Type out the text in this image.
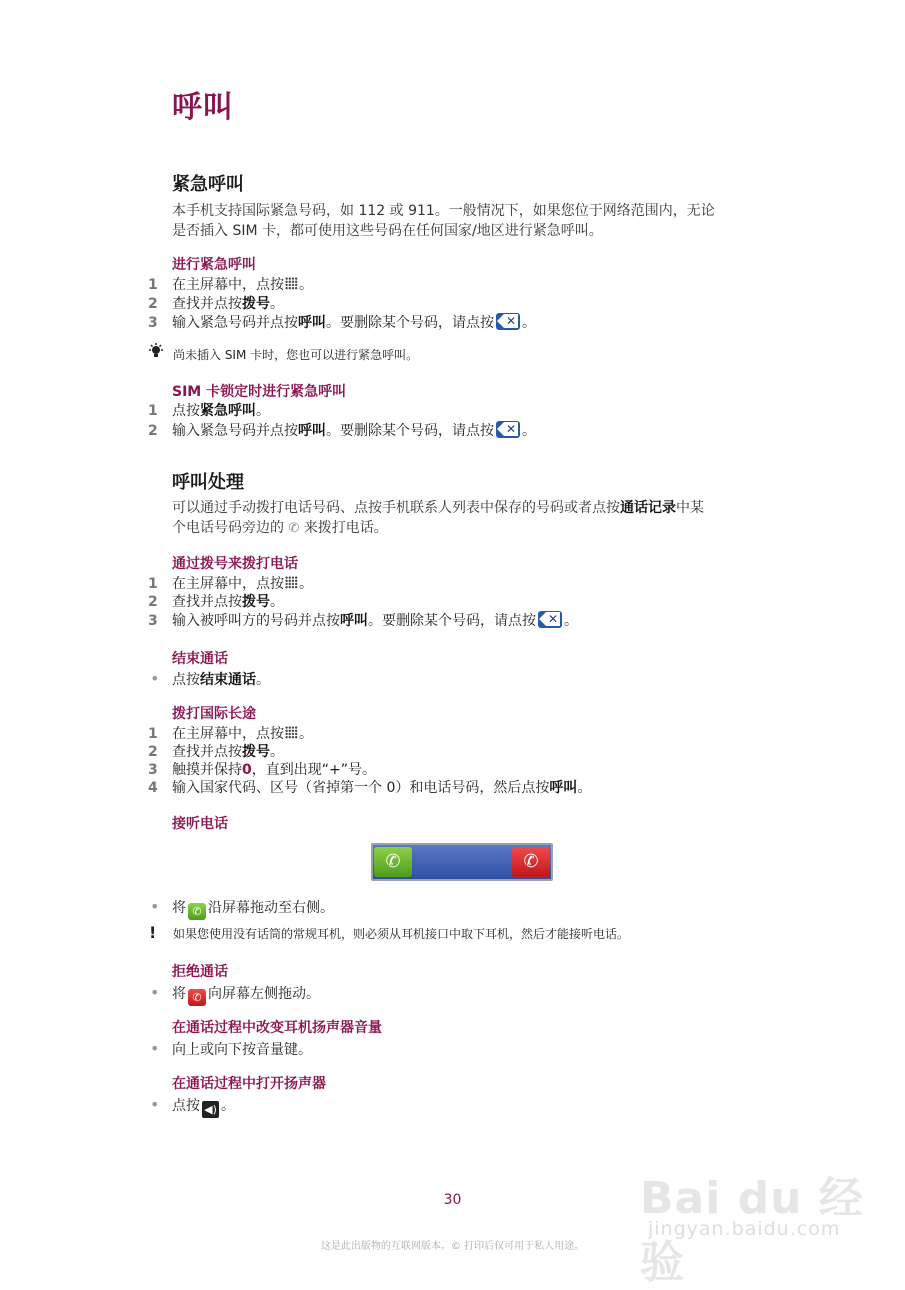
呼叫
紧急呼叫
本手机支持国际紧急号码，如 112 或 911。一般情况下，如果您位于网络范围内，无论
是否插入 SIM 卡，都可使用这些号码在任何国家/地区进行紧急呼叫。
进行紧急呼叫
1 在主屏幕中，点按 。
2 查找并点按拨号。
3 输入紧急号码并点按呼叫。要删除某个号码，请点按 ✕ 。
尚未插入 SIM 卡时，您也可以进行紧急呼叫。
SIM 卡锁定时进行紧急呼叫
1 点按紧急呼叫。
2 输入紧急号码并点按呼叫。要删除某个号码，请点按 ✕ 。
呼叫处理
可以通过手动拨打电话号码、点按手机联系人列表中保存的号码或者点按通话记录中某
个电话号码旁边的 ✆ 来拨打电话。
通过拨号来拨打电话
1 在主屏幕中，点按 。
2 查找并点按拨号。
3 输入被呼叫方的号码并点按呼叫。要删除某个号码，请点按 ✕ 。
结束通话
• 点按结束通话。
拨打国际长途
1 在主屏幕中，点按 。
2 查找并点按拨号。
3 触摸并保持0，直到出现“+”号。
4 输入国家代码、区号（省掉第一个 0）和电话号码，然后点按呼叫。
接听电话
✆	✆
• 将 ✆ 沿屏幕拖动至右侧。
! 如果您使用没有话筒的常规耳机，则必须从耳机接口中取下耳机，然后才能接听电话。
拒绝通话
• 将 ✆ 向屏幕左侧拖动。
在通话过程中改变耳机扬声器音量
• 向上或向下按音量键。
在通话过程中打开扬声器
• 点按 ◀) 。
30	Bai du 经验
jingyan.baidu.com
这是此出版物的互联网版本。© 打印后仅可用于私人用途。
